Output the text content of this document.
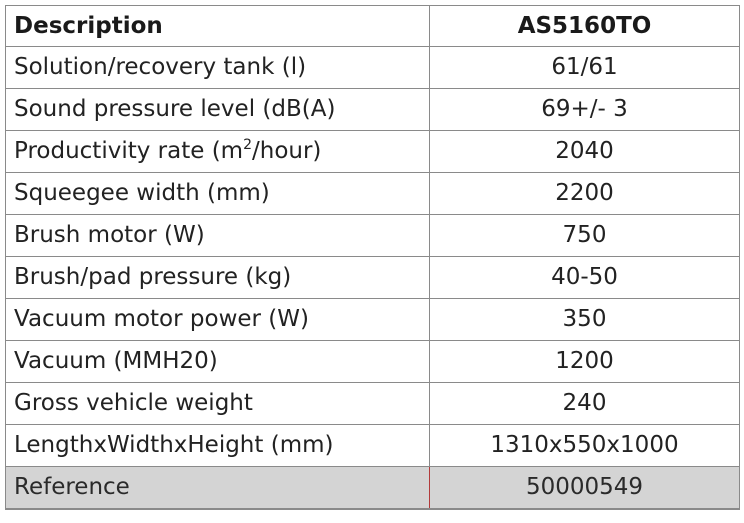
Description	AS5160TO
Solution/recovery tank (l)	61/61
Sound pressure level (dB(A)	69+/- 3
Productivity rate $(m^2/hour)$	2040
Squeegee width (mm)	2200
Brush motor (W)	750
Brush/pad pressure (kg)	40-50
Vacuum motor power (W)	350
Vacuum (MMH20)	1200
Gross vehicle weight	240
LengthxWidthxHeight (mm)	1310x550x1000
Reference	50000549
